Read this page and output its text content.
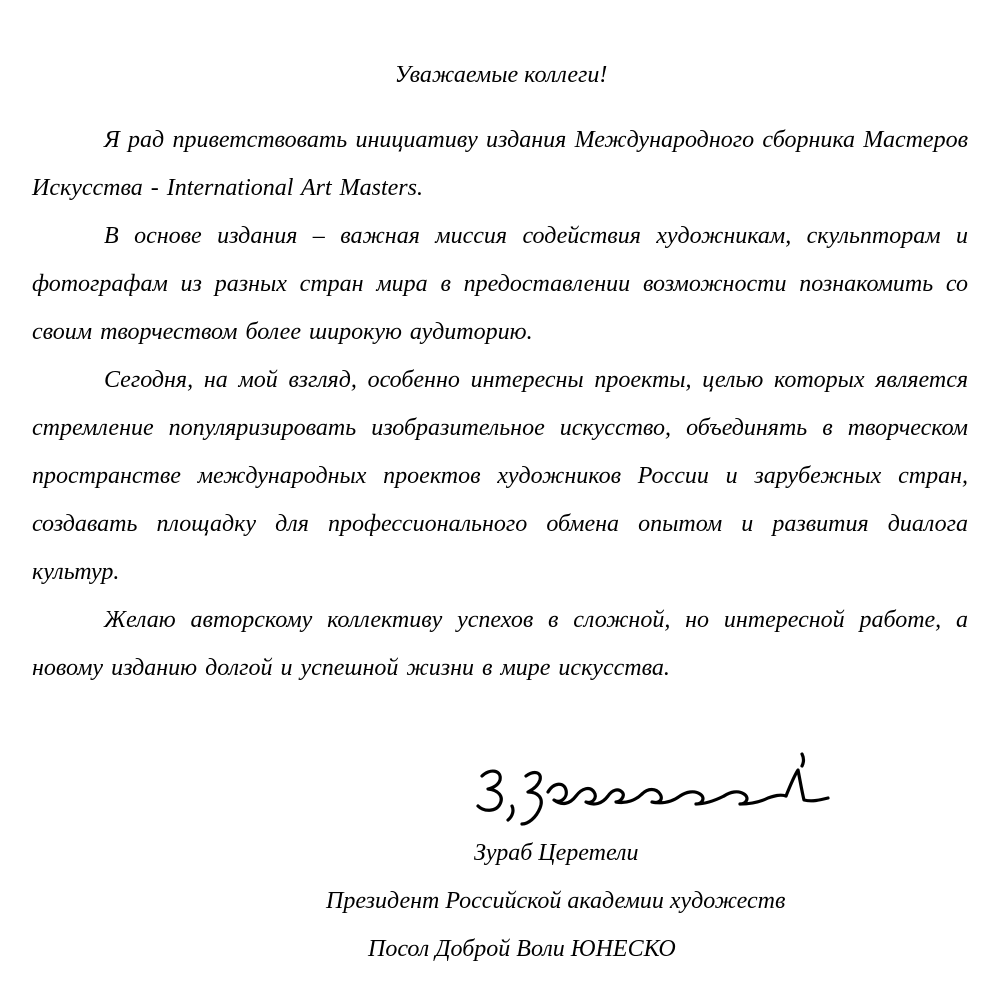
Уважаемые коллеги!

Я рад приветствовать инициативу издания Международного сборника Мастеров Искусства - International Art Masters.

В основе издания – важная миссия содействия художникам, скульпторам и фотографам из разных стран мира в предоставлении возможности познакомить со своим творчеством более широкую аудиторию.

Сегодня, на мой взгляд, особенно интересны проекты, целью которых является стремление популяризировать изобразительное искусство, объединять в творческом пространстве международных проектов художников России и зарубежных стран, создавать площадку для профессионального обмена опытом и развития диалога культур.

Желаю авторскому коллективу успехов в сложной, но интересной работе, а новому изданию долгой и успешной жизни в мире искусства.

Зураб Церетели
Президент Российской академии художеств
Посол Доброй Воли ЮНЕСКО
